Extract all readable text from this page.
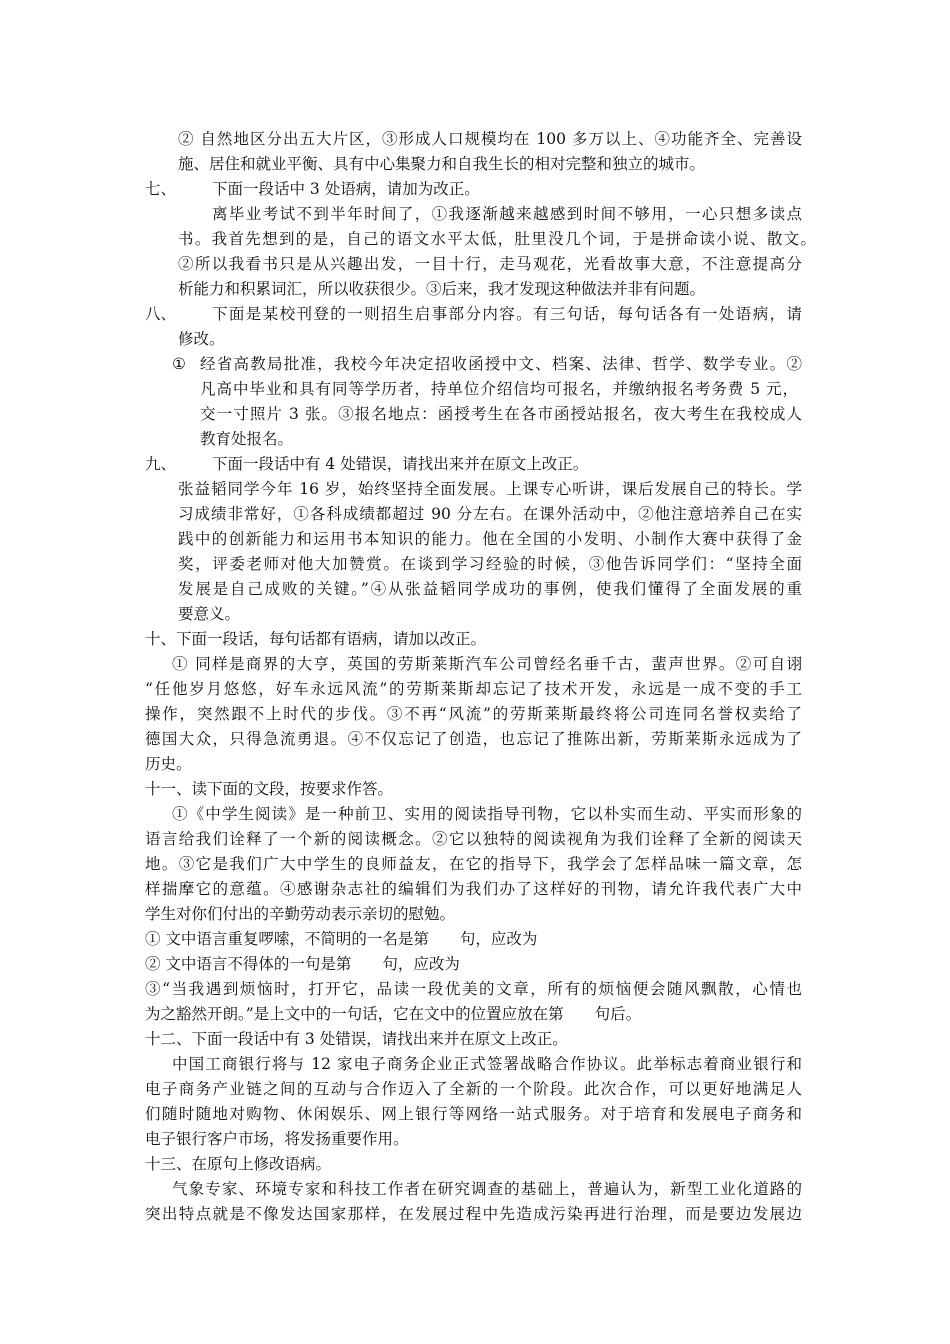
② 自然地区分出五大片区，③形成人口规模均在 100 多万以上、④功能齐全、完善设
施、居住和就业平衡、具有中心集聚力和自我生长的相对完整和独立的城市。
下面一段话中 3 处语病，请加为改正。
离毕业考试不到半年时间了，①我逐渐越来越感到时间不够用，一心只想多读点
书。我首先想到的是，自己的语文水平太低，肚里没几个词，于是拼命读小说、散文。
②所以我看书只是从兴趣出发，一目十行，走马观花，光看故事大意，不注意提高分
析能力和积累词汇，所以收获很少。③后来，我才发现这种做法并非有问题。
下面是某校刊登的一则招生启事部分内容。有三句话，每句话各有一处语病，请
修改。
经省高教局批准，我校今年决定招收函授中文、档案、法律、哲学、数学专业。②
凡高中毕业和具有同等学历者，持单位介绍信均可报名，并缴纳报名考务费 5 元，
交一寸照片 3 张。③报名地点：函授考生在各市函授站报名，夜大考生在我校成人
教育处报名。
下面一段话中有 4 处错误，请找出来并在原文上改正。
张益韬同学今年 16 岁，始终坚持全面发展。上课专心听讲，课后发展自己的特长。学
习成绩非常好，①各科成绩都超过 90 分左右。在课外活动中，②他注意培养自己在实
践中的创新能力和运用书本知识的能力。他在全国的小发明、小制作大赛中获得了金
奖，评委老师对他大加赞赏。在谈到学习经验的时候，③他告诉同学们：“坚持全面
发展是自己成败的关键。”④从张益韬同学成功的事例，使我们懂得了全面发展的重
要意义。
十、下面一段话，每句话都有语病，请加以改正。
① 同样是商界的大亨，英国的劳斯莱斯汽车公司曾经名垂千古，蜚声世界。②可自诩
“任他岁月悠悠，好车永远风流”的劳斯莱斯却忘记了技术开发，永远是一成不变的手工
操作，突然跟不上时代的步伐。③不再“风流”的劳斯莱斯最终将公司连同名誉权卖给了
德国大众，只得急流勇退。④不仅忘记了创造，也忘记了推陈出新，劳斯莱斯永远成为了
历史。
十一、读下面的文段，按要求作答。
①《中学生阅读》是一种前卫、实用的阅读指导刊物，它以朴实而生动、平实而形象的
语言给我们诠释了一个新的阅读概念。②它以独特的阅读视角为我们诠释了全新的阅读天
地。③它是我们广大中学生的良师益友，在它的指导下，我学会了怎样品味一篇文章，怎
样揣摩它的意蕴。④感谢杂志社的编辑们为我们办了这样好的刊物，请允许我代表广大中
学生对你们付出的辛勤劳动表示亲切的慰勉。
① 文中语言重复啰嗦，不简明的一名是第　　句，应改为
② 文中语言不得体的一句是第　　句，应改为
③“当我遇到烦恼时，打开它，品读一段优美的文章，所有的烦恼便会随风飘散，心情也
为之豁然开朗。”是上文中的一句话，它在文中的位置应放在第　　句后。
十二、下面一段话中有 3 处错误，请找出来并在原文上改正。
中国工商银行将与 12 家电子商务企业正式签署战略合作协议。此举标志着商业银行和
电子商务产业链之间的互动与合作迈入了全新的一个阶段。此次合作，可以更好地满足人
们随时随地对购物、休闲娱乐、网上银行等网络一站式服务。对于培育和发展电子商务和
电子银行客户市场，将发扬重要作用。
十三、在原句上修改语病。
气象专家、环境专家和科技工作者在研究调查的基础上，普遍认为，新型工业化道路的
突出特点就是不像发达国家那样，在发展过程中先造成污染再进行治理，而是要边发展边
七、
八、
①
九、
